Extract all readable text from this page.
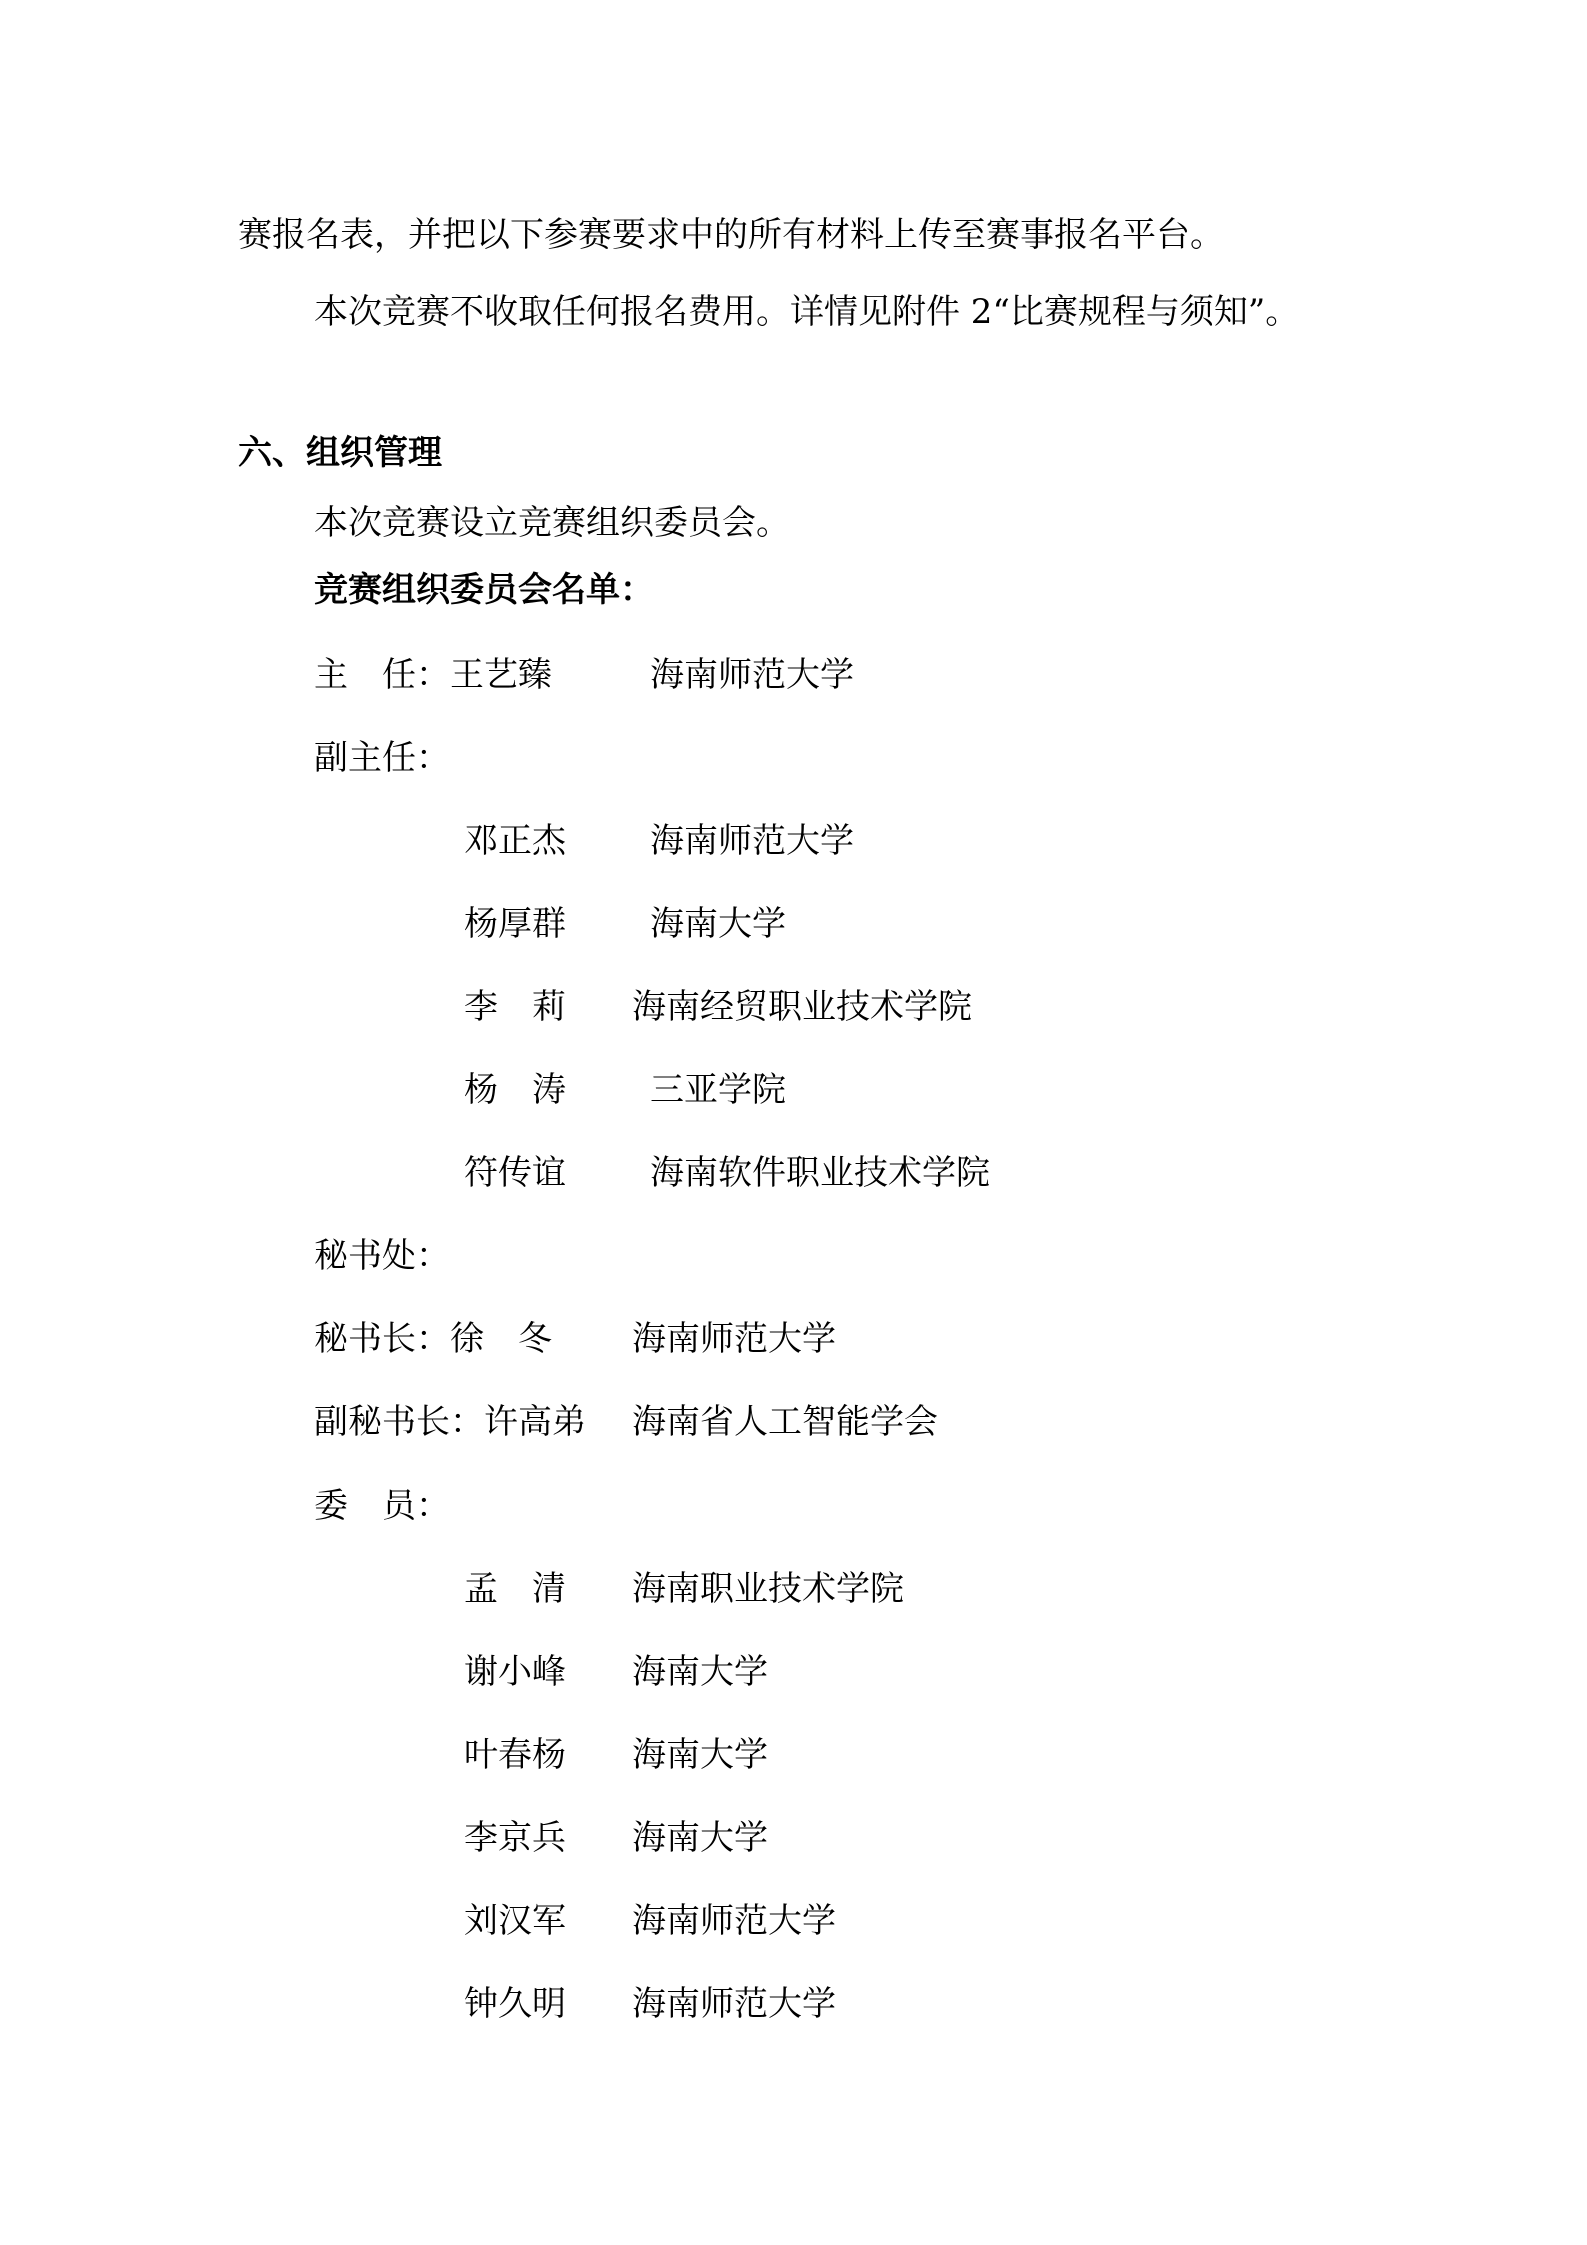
赛报名表，并把以下参赛要求中的所有材料上传至赛事报名平台。

本次竞赛不收取任何报名费用。详情见附件 2“比赛规程与须知”。

六、组织管理

本次竞赛设立竞赛组织委员会。

竞赛组织委员会名单：

主　任：王艺臻	海南师范大学

副主任：

邓正杰 海南师范大学
杨厚群 海南大学
李　莉 海南经贸职业技术学院
杨　涛 三亚学院
符传谊 海南软件职业技术学院

秘书处：

秘书长：徐　冬 海南师范大学
副秘书长：许高弟 海南省人工智能学会

委　员：

孟　清 海南职业技术学院
谢小峰 海南大学
叶春杨 海南大学
李京兵 海南大学
刘汉军 海南师范大学
钟久明 海南师范大学
